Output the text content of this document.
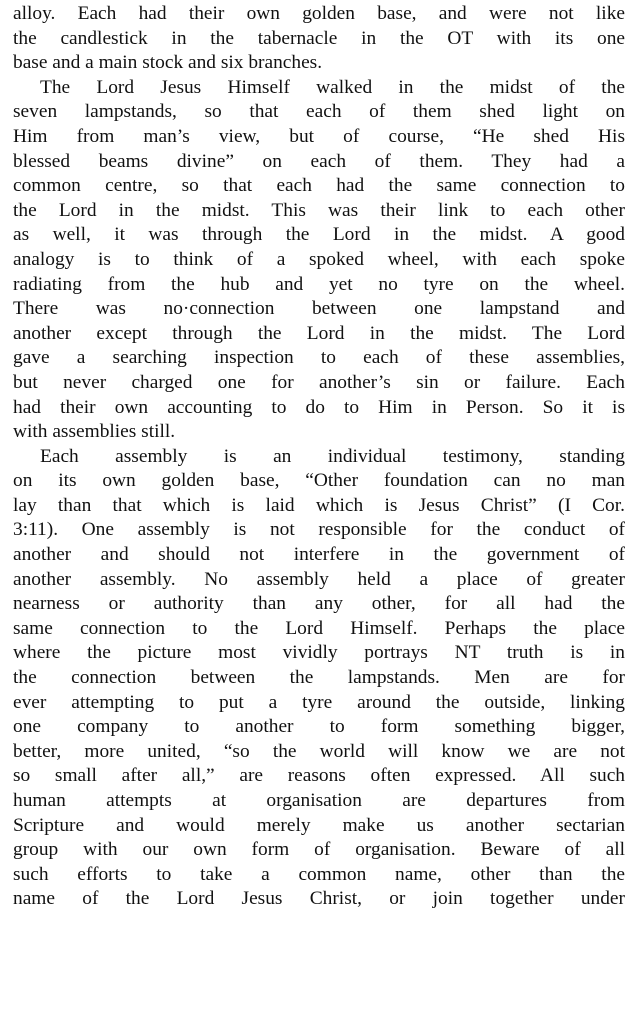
alloy. Each had their own golden base, and were not like
the candlestick in the tabernacle in the OT with its one
base and a main stock and six branches.
The Lord Jesus Himself walked in the midst of the
seven lampstands, so that each of them shed light on
Him from man’s view, but of course, “He shed His
blessed beams divine” on each of them. They had a
common centre, so that each had the same connection to
the Lord in the midst. This was their link to each other
as well, it was through the Lord in the midst. A good
analogy is to think of a spoked wheel, with each spoke
radiating from the hub and yet no tyre on the wheel.
There was no·connection between one lampstand and
another except through the Lord in the midst. The Lord
gave a searching inspection to each of these assemblies,
but never charged one for another’s sin or failure. Each
had their own accounting to do to Him in Person. So it is
with assemblies still.
Each assembly is an individual testimony, standing
on its own golden base, “Other foundation can no man
lay than that which is laid which is Jesus Christ” (I Cor.
3:11). One assembly is not responsible for the conduct of
another and should not interfere in the government of
another assembly. No assembly held a place of greater
nearness or authority than any other, for all had the
same connection to the Lord Himself. Perhaps the place
where the picture most vividly portrays NT truth is in
the connection between the lampstands. Men are for
ever attempting to put a tyre around the outside, linking
one company to another to form something bigger,
better, more united, “so the world will know we are not
so small after all,” are reasons often expressed. All such
human attempts at organisation are departures from
Scripture and would merely make us another sectarian
group with our own form of organisation. Beware of all
such efforts to take a common name, other than the
name of the Lord Jesus Christ, or join together under
